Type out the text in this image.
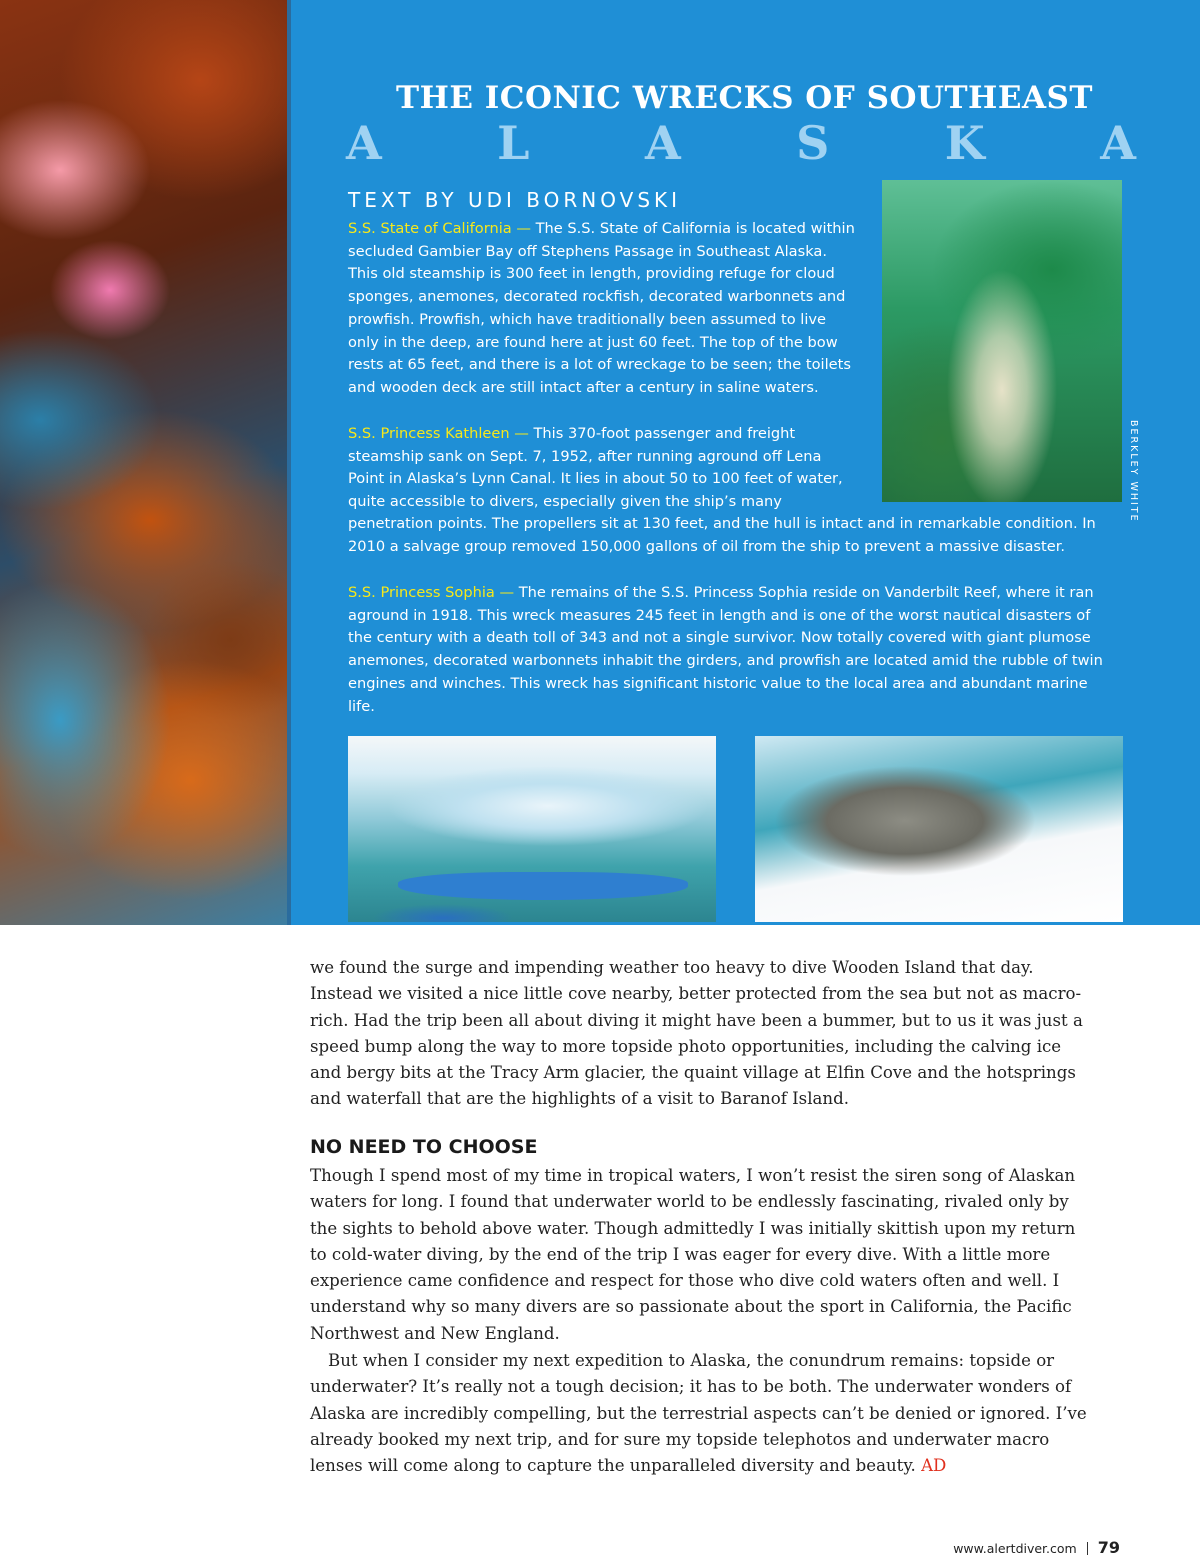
THE ICONIC WRECKS OF SOUTHEAST
A	L	A	S	K	A
TEXT BY UDI BORNOVSKI
BERKLEY WHITE
S.S. State of California — The S.S. State of California is located within secluded Gambier Bay off Stephens Passage in Southeast Alaska. This old steamship is 300 feet in length, providing refuge for cloud sponges, anemones, decorated rockfish, decorated warbonnets and prowfish. Prowfish, which have traditionally been assumed to live only in the deep, are found here at just 60 feet. The top of the bow rests at 65 feet, and there is a lot of wreckage to be seen; the toilets and wooden deck are still intact after a century in saline waters.
S.S. Princess Kathleen — This 370-foot passenger and freight steamship sank on Sept. 7, 1952, after running aground off Lena Point in Alaska’s Lynn Canal. It lies in about 50 to 100 feet of water, quite accessible to divers, especially given the ship’s many
penetration points. The propellers sit at 130 feet, and the hull is intact and in remarkable condition. In 2010 a salvage group removed 150,000 gallons of oil from the ship to prevent a massive disaster.
S.S. Princess Sophia — The remains of the S.S. Princess Sophia reside on Vanderbilt Reef, where it ran aground in 1918. This wreck measures 245 feet in length and is one of the worst nautical disasters of the century with a death toll of 343 and not a single survivor. Now totally covered with giant plumose anemones, decorated warbonnets inhabit the girders, and prowfish are located amid the rubble of twin engines and winches. This wreck has significant historic value to the local area and abundant marine life.
we found the surge and impending weather too heavy to dive Wooden Island that day. Instead we visited a nice little cove nearby, better protected from the sea but not as macro-rich. Had the trip been all about diving it might have been a bummer, but to us it was just a speed bump along the way to more topside photo opportunities, including the calving ice and bergy bits at the Tracy Arm glacier, the quaint village at Elfin Cove and the hotsprings and waterfall that are the highlights of a visit to Baranof Island.
NO NEED TO CHOOSE
Though I spend most of my time in tropical waters, I won’t resist the siren song of Alaskan waters for long. I found that underwater world to be endlessly fascinating, rivaled only by the sights to behold above water. Though admittedly I was initially skittish upon my return to cold-water diving, by the end of the trip I was eager for every dive. With a little more experience came confidence and respect for those who dive cold waters often and well. I understand why so many divers are so passionate about the sport in California, the Pacific Northwest and New England.
But when I consider my next expedition to Alaska, the conundrum remains: topside or underwater? It’s really not a tough decision; it has to be both. The underwater wonders of Alaska are incredibly compelling, but the terrestrial aspects can’t be denied or ignored. I’ve already booked my next trip, and for sure my topside telephotos and underwater macro lenses will come along to capture the unparalleled diversity and beauty. AD
www.alertdiver.com 79
